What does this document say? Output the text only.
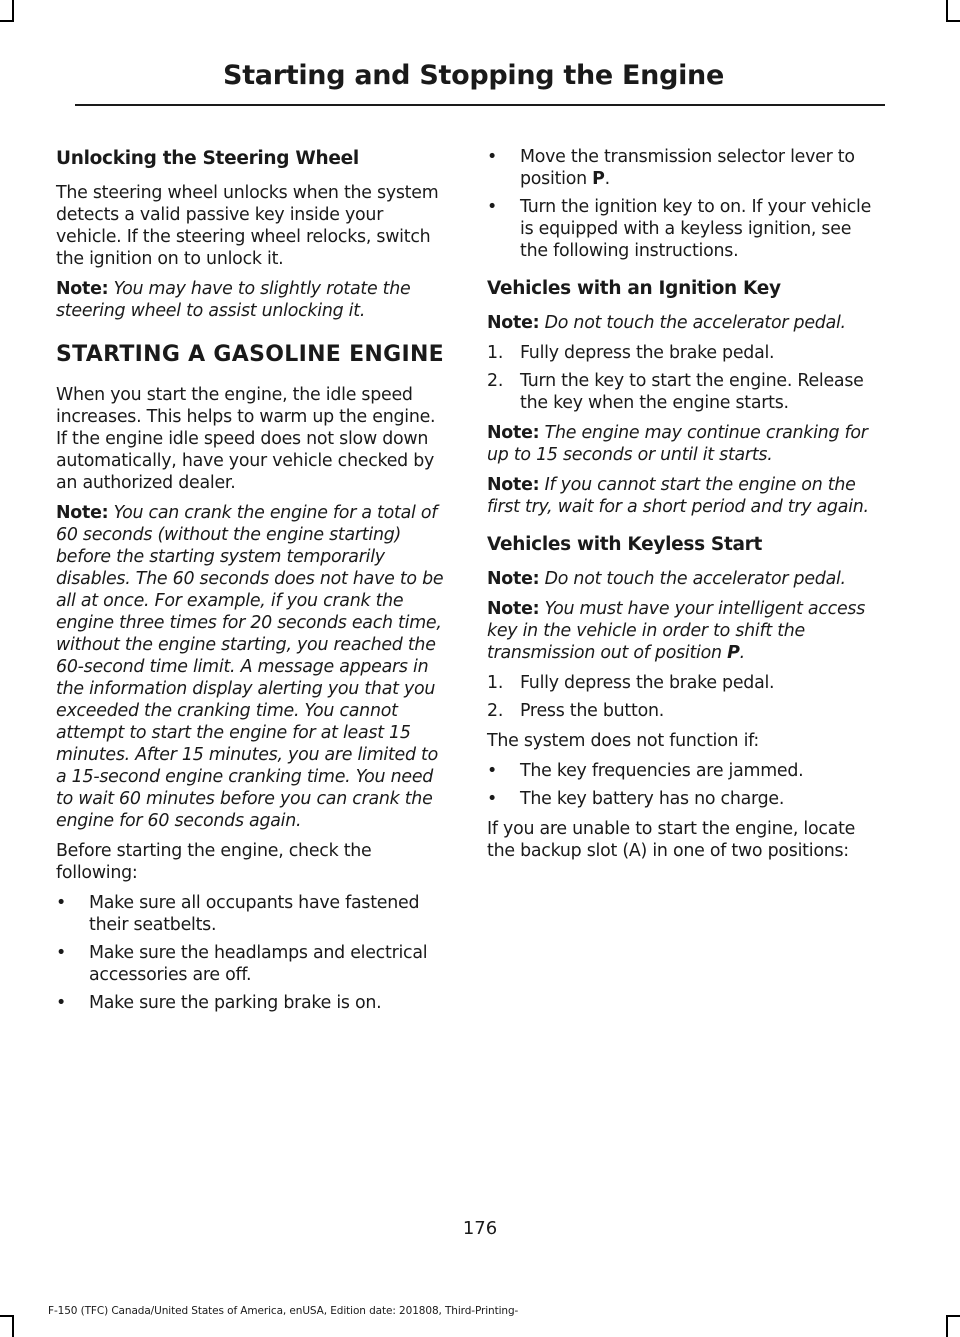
Starting and Stopping the Engine
Unlocking the Steering Wheel

The steering wheel unlocks when the system detects a valid passive key inside your vehicle. If the steering wheel relocks, switch the ignition on to unlock it.

Note: You may have to slightly rotate the steering wheel to assist unlocking it.

STARTING A GASOLINE ENGINE

When you start the engine, the idle speed increases. This helps to warm up the engine. If the engine idle speed does not slow down automatically, have your vehicle checked by an authorized dealer.

Note: You can crank the engine for a total of 60 seconds (without the engine starting) before the starting system temporarily disables. The 60 seconds does not have to be all at once. For example, if you crank the engine three times for 20 seconds each time, without the engine starting, you reached the 60-second time limit. A message appears in the information display alerting you that you exceeded the cranking time. You cannot attempt to start the engine for at least 15 minutes. After 15 minutes, you are limited to a 15-second engine cranking time. You need to wait 60 minutes before you can crank the engine for 60 seconds again.

Before starting the engine, check the following:

•	Make sure all occupants have fastened their seatbelts.
•	Make sure the headlamps and electrical accessories are off.
•	Make sure the parking brake is on.
•	Move the transmission selector lever to position P.
•	Turn the ignition key to on. If your vehicle is equipped with a keyless ignition, see the following instructions.
Vehicles with an Ignition Key

Note: Do not touch the accelerator pedal.

1. Fully depress the brake pedal.
2. Turn the key to start the engine. Release the key when the engine starts.

Note: The engine may continue cranking for up to 15 seconds or until it starts.

Note: If you cannot start the engine on the first try, wait for a short period and try again.

Vehicles with Keyless Start

Note: Do not touch the accelerator pedal.

Note: You must have your intelligent access key in the vehicle in order to shift the transmission out of position P.

1. Fully depress the brake pedal.
2. Press the button.

The system does not function if:

•	The key frequencies are jammed.
•	The key battery has no charge.

If you are unable to start the engine, locate the backup slot (A) in one of two positions:

176
F-150 (TFC) Canada/United States of America, enUSA, Edition date: 201808, Third-Printing-
